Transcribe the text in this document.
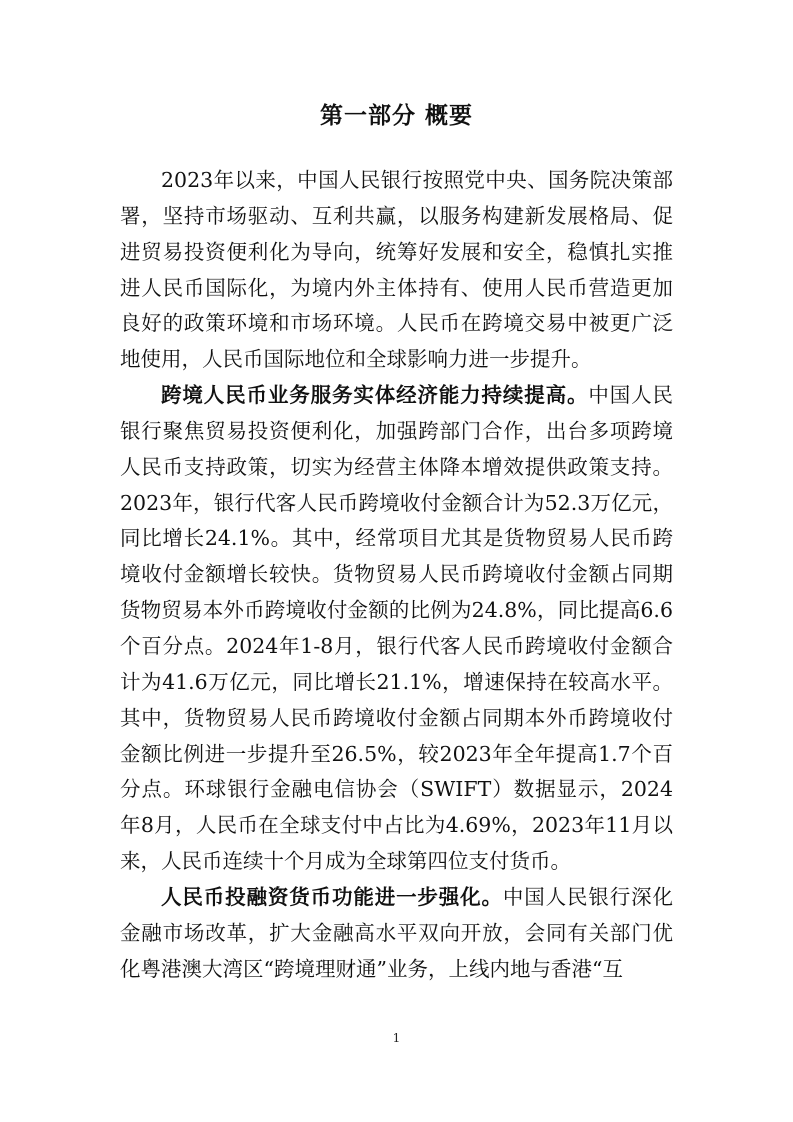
第一部分 概要

2023年以来，中国人民银行按照党中央、国务院决策部署，坚持市场驱动、互利共赢，以服务构建新发展格局、促进贸易投资便利化为导向，统筹好发展和安全，稳慎扎实推进人民币国际化，为境内外主体持有、使用人民币营造更加良好的政策环境和市场环境。人民币在跨境交易中被更广泛地使用，人民币国际地位和全球影响力进一步提升。

跨境人民币业务服务实体经济能力持续提高。中国人民银行聚焦贸易投资便利化，加强跨部门合作，出台多项跨境人民币支持政策，切实为经营主体降本增效提供政策支持。2023年，银行代客人民币跨境收付金额合计为52.3万亿元，同比增长24.1%。其中，经常项目尤其是货物贸易人民币跨境收付金额增长较快。货物贸易人民币跨境收付金额占同期货物贸易本外币跨境收付金额的比例为24.8%，同比提高6.6个百分点。2024年1-8月，银行代客人民币跨境收付金额合计为41.6万亿元，同比增长21.1%，增速保持在较高水平。其中，货物贸易人民币跨境收付金额占同期本外币跨境收付金额比例进一步提升至26.5%，较2023年全年提高1.7个百分点。环球银行金融电信协会（SWIFT）数据显示，2024年8月，人民币在全球支付中占比为4.69%，2023年11月以来，人民币连续十个月成为全球第四位支付货币。

人民币投融资货币功能进一步强化。中国人民银行深化金融市场改革，扩大金融高水平双向开放，会同有关部门优化粤港澳大湾区“跨境理财通”业务，上线内地与香港“互

1
